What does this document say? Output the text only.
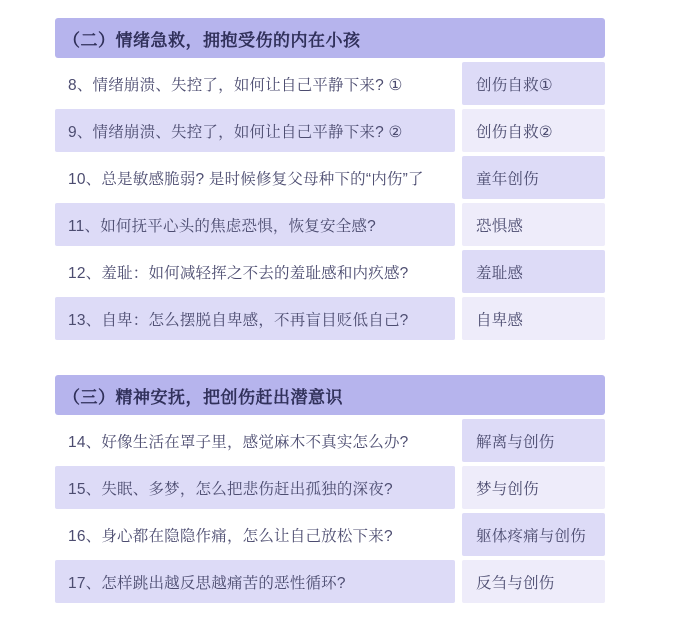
（二）情绪急救，拥抱受伤的内在小孩
8、情绪崩溃、失控了，如何让自己平静下来? ①	创伤自救①
9、情绪崩溃、失控了，如何让自己平静下来? ②	创伤自救②
10、总是敏感脆弱? 是时候修复父母种下的“内伤”了	童年创伤
11、如何抚平心头的焦虑恐惧，恢复安全感?	恐惧感
12、羞耻：如何减轻挥之不去的羞耻感和内疚感?	羞耻感
13、自卑：怎么摆脱自卑感，不再盲目贬低自己?	自卑感
（三）精神安抚，把创伤赶出潜意识
14、好像生活在罩子里，感觉麻木不真实怎么办?	解离与创伤
15、失眠、多梦，怎么把悲伤赶出孤独的深夜?	梦与创伤
16、身心都在隐隐作痛，怎么让自己放松下来?	躯体疼痛与创伤
17、怎样跳出越反思越痛苦的恶性循环?	反刍与创伤
